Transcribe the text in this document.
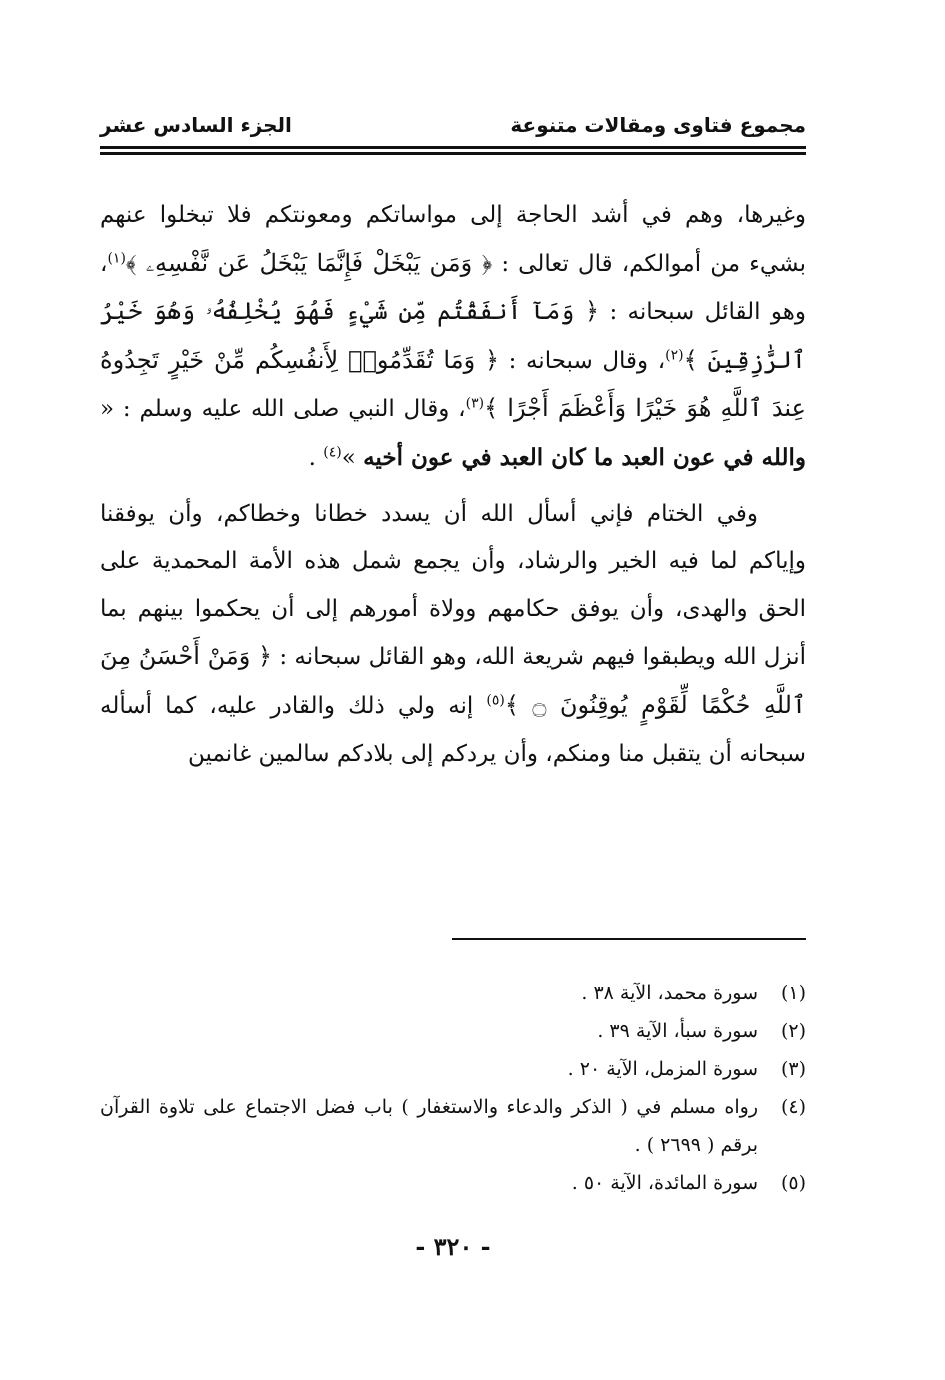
مجموع فتاوى ومقالات متنوعة
الجزء السادس عشر

وغيرها، وهم في أشد الحاجة إلى مواساتكم ومعونتكم فلا تبخلوا عنهم بشيء من أموالكم، قال تعالى : ﴿ وَمَن يَبْخَلْ فَإِنَّمَا يَبْخَلُ عَن نَّفْسِهِۦ ﴾$^{(١)}$، وهو القائل سبحانه : ﴿ وَمَآ أَنفَقْتُم مِّن شَيْءٍ فَهُوَ يُخْلِفُهُۥ وَهُوَ خَيْرُ ٱلرَّٰزِقِينَ ﴾$^{(٢)}$، وقال سبحانه : ﴿ وَمَا تُقَدِّمُوا۟ لِأَنفُسِكُم مِّنْ خَيْرٍ تَجِدُوهُ عِندَ ٱللَّهِ هُوَ خَيْرًا وَأَعْظَمَ أَجْرًا ﴾$^{(٣)}$، وقال النبي صلى الله عليه وسلم : « والله في عون العبد ما كان العبد في عون أخيه »$^{(٤)}$ .

وفي الختام فإني أسأل الله أن يسدد خطانا وخطاكم، وأن يوفقنا وإياكم لما فيه الخير والرشاد، وأن يجمع شمل هذه الأمة المحمدية على الحق والهدى، وأن يوفق حكامهم وولاة أمورهم إلى أن يحكموا بينهم بما أنزل الله ويطبقوا فيهم شريعة الله، وهو القائل سبحانه : ﴿ وَمَنْ أَحْسَنُ مِنَ ٱللَّهِ حُكْمًا لِّقَوْمٍ يُوقِنُونَ ۝ ﴾$^{(٥)}$ إنه ولي ذلك والقادر عليه، كما أسأله سبحانه أن يتقبل منا ومنكم، وأن يردكم إلى بلادكم سالمين غانمين

(١)
سورة محمد، الآية ٣٨ .
(٢)
سورة سبأ، الآية ٣٩ .
(٣)
سورة المزمل، الآية ٢٠ .
(٤)
رواه مسلم في ( الذكر والدعاء والاستغفار ) باب فضل الاجتماع على تلاوة القرآن برقم ( ٢٦٩٩ ) .
(٥)
سورة المائدة، الآية ٥٠ .
- ٣٢٠ -
